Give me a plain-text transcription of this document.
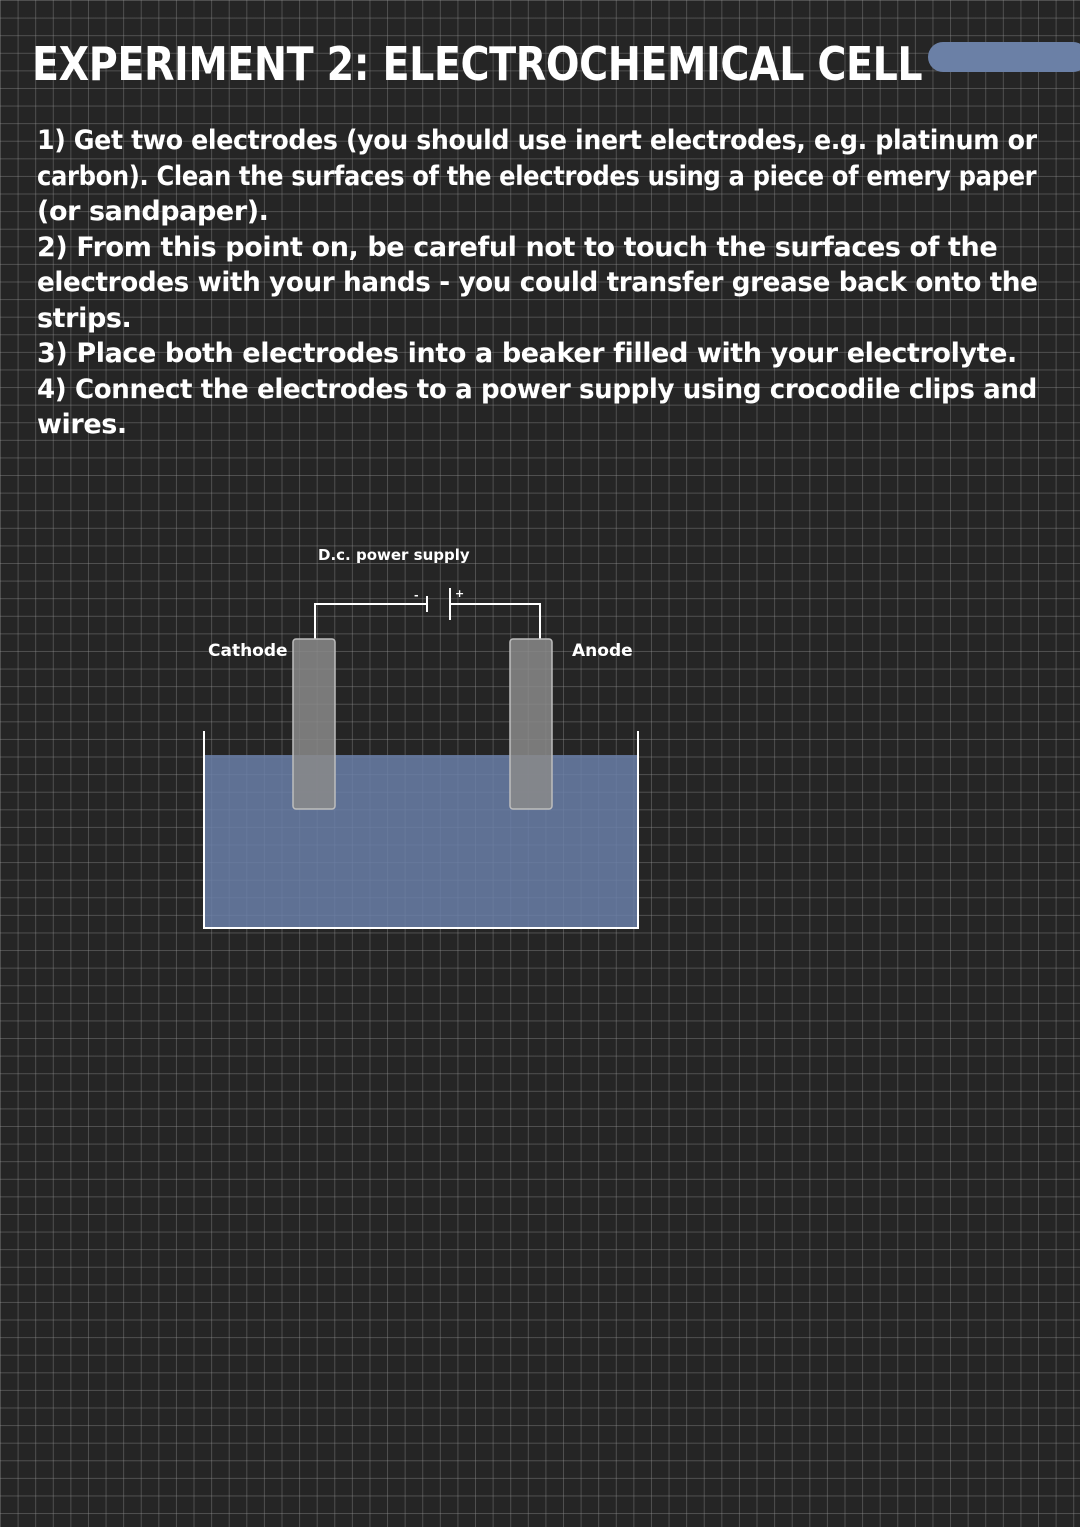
EXPERIMENT 2: ELECTROCHEMICAL CELL

1) Get two electrodes (you should use inert electrodes, e.g. platinum or
carbon). Clean the surfaces of the electrodes using a piece of emery paper
(or sandpaper).

2) From this point on, be careful not to touch the surfaces of the
electrodes with your hands - you could transfer grease back onto the
strips.

3) Place both electrodes into a beaker filled with your electrolyte.

4) Connect the electrodes to a power supply using crocodile clips and
wires.

D.c. power supply
-	+
Cathode	Anode
